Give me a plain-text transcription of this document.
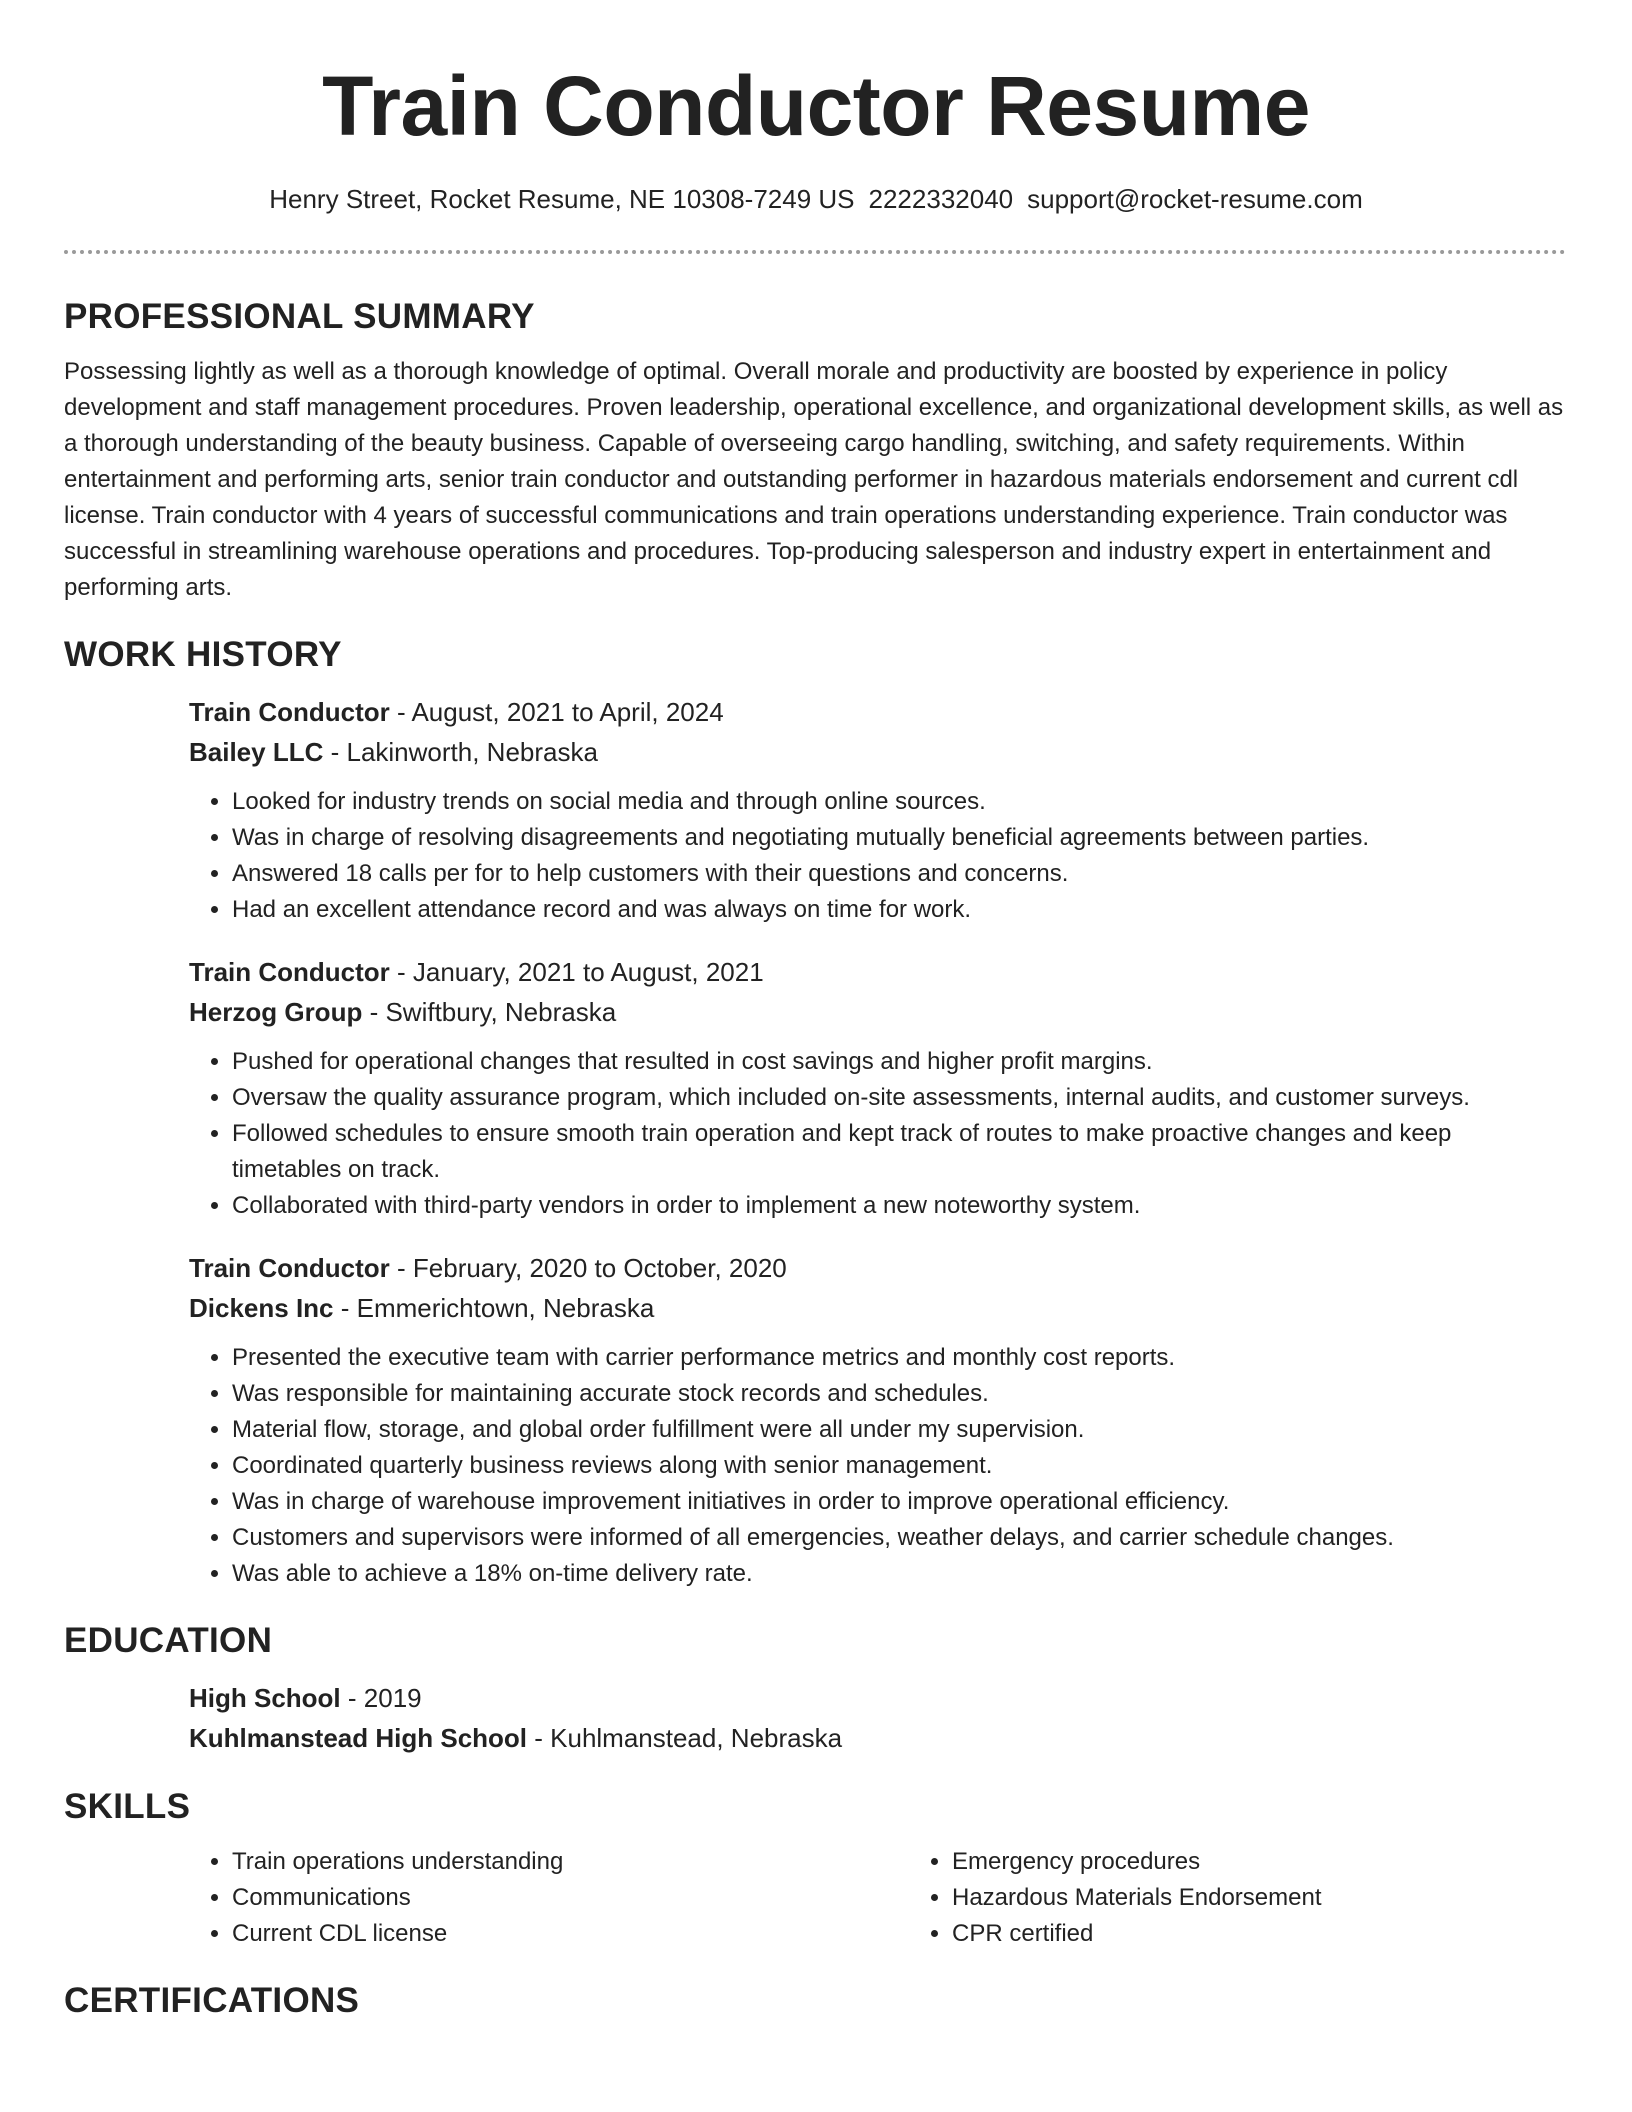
Train Conductor Resume
Henry Street, Rocket Resume, NE 10308-7249 US 2222332040 support@rocket-resume.com
PROFESSIONAL SUMMARY
Possessing lightly as well as a thorough knowledge of optimal. Overall morale and productivity are boosted by experience in policy development and staff management procedures. Proven leadership, operational excellence, and organizational development skills, as well as a thorough understanding of the beauty business. Capable of overseeing cargo handling, switching, and safety requirements. Within entertainment and performing arts, senior train conductor and outstanding performer in hazardous materials endorsement and current cdl license. Train conductor with 4 years of successful communications and train operations understanding experience. Train conductor was successful in streamlining warehouse operations and procedures. Top-producing salesperson and industry expert in entertainment and performing arts.
WORK HISTORY
Train Conductor - August, 2021 to April, 2024
Bailey LLC - Lakinworth, Nebraska
• Looked for industry trends on social media and through online sources.
• Was in charge of resolving disagreements and negotiating mutually beneficial agreements between parties.
• Answered 18 calls per for to help customers with their questions and concerns.
• Had an excellent attendance record and was always on time for work.
Train Conductor - January, 2021 to August, 2021
Herzog Group - Swiftbury, Nebraska
• Pushed for operational changes that resulted in cost savings and higher profit margins.
• Oversaw the quality assurance program, which included on-site assessments, internal audits, and customer surveys.
• Followed schedules to ensure smooth train operation and kept track of routes to make proactive changes and keep timetables on track.
• Collaborated with third-party vendors in order to implement a new noteworthy system.
Train Conductor - February, 2020 to October, 2020
Dickens Inc - Emmerichtown, Nebraska
• Presented the executive team with carrier performance metrics and monthly cost reports.
• Was responsible for maintaining accurate stock records and schedules.
• Material flow, storage, and global order fulfillment were all under my supervision.
• Coordinated quarterly business reviews along with senior management.
• Was in charge of warehouse improvement initiatives in order to improve operational efficiency.
• Customers and supervisors were informed of all emergencies, weather delays, and carrier schedule changes.
• Was able to achieve a 18% on-time delivery rate.
EDUCATION
High School - 2019
Kuhlmanstead High School - Kuhlmanstead, Nebraska
SKILLS
• Train operations understanding
• Communications
• Current CDL license
• Emergency procedures
• Hazardous Materials Endorsement
• CPR certified
CERTIFICATIONS
